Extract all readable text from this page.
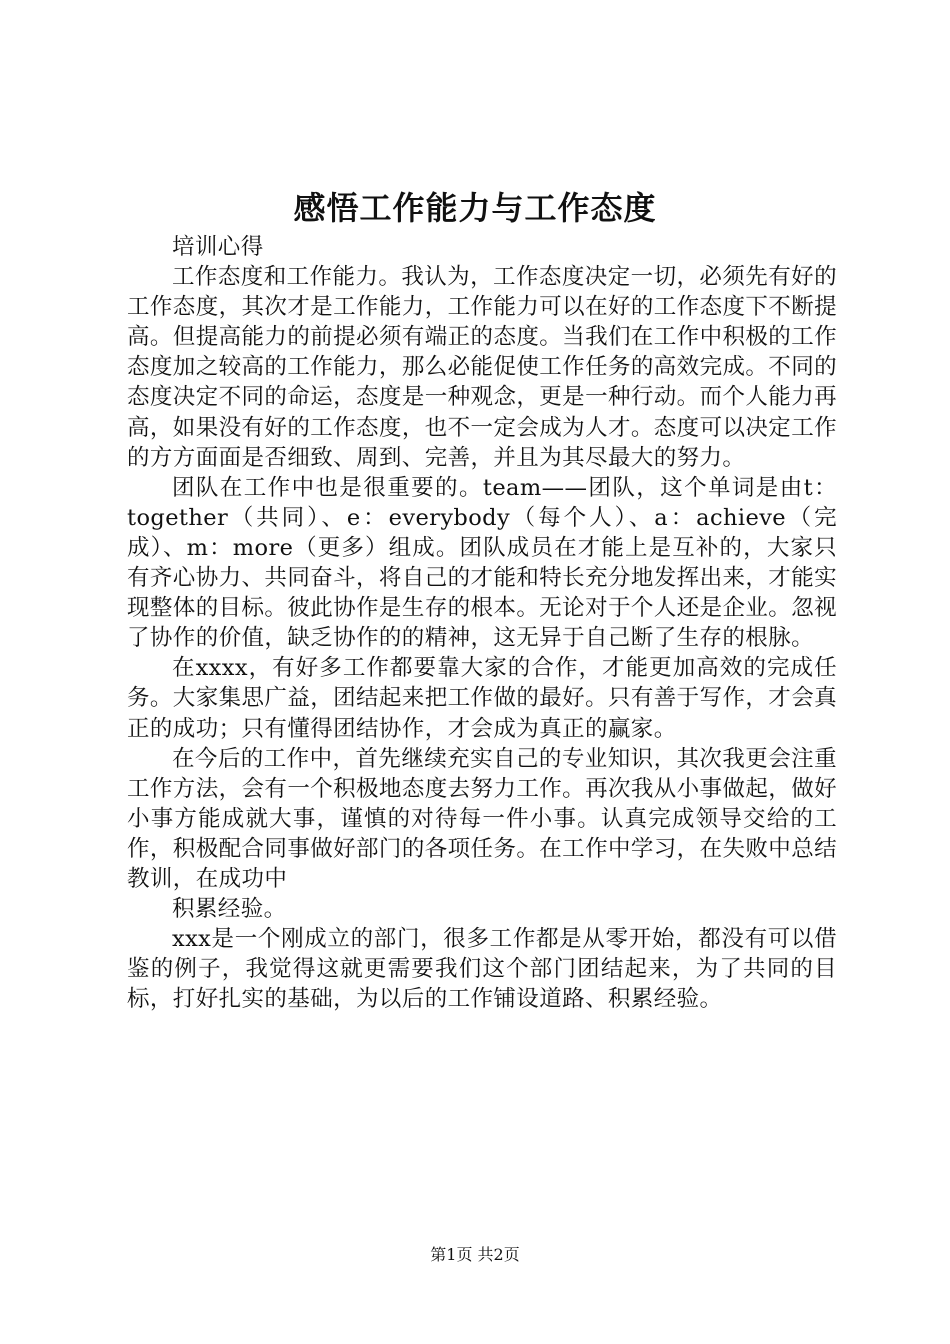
感悟工作能力与工作态度

培训心得

工作态度和工作能力。我认为，工作态度决定一切，必须先有好的工作态度，其次才是工作能力，工作能力可以在好的工作态度下不断提高。但提高能力的前提必须有端正的态度。当我们在工作中积极的工作态度加之较高的工作能力，那么必能促使工作任务的高效完成。不同的态度决定不同的命运，态度是一种观念，更是一种行动。而个人能力再高，如果没有好的工作态度，也不一定会成为人才。态度可以决定工作的方方面面是否细致、周到、完善，并且为其尽最大的努力。

团队在工作中也是很重要的。team——团队，这个单词是由t：together（共同）、e：everybody（每个人）、a：achieve（完成）、m：more（更多）组成。团队成员在才能上是互补的，大家只有齐心协力、共同奋斗，将自己的才能和特长充分地发挥出来，才能实现整体的目标。彼此协作是生存的根本。无论对于个人还是企业。忽视了协作的价值，缺乏协作的的精神，这无异于自己断了生存的根脉。

在xxxx，有好多工作都要靠大家的合作，才能更加高效的完成任务。大家集思广益，团结起来把工作做的最好。只有善于写作，才会真正的成功；只有懂得团结协作，才会成为真正的赢家。

在今后的工作中，首先继续充实自己的专业知识，其次我更会注重工作方法，会有一个积极地态度去努力工作。再次我从小事做起，做好小事方能成就大事，谨慎的对待每一件小事。认真完成领导交给的工作，积极配合同事做好部门的各项任务。在工作中学习，在失败中总结教训，在成功中

积累经验。

xxx是一个刚成立的部门，很多工作都是从零开始，都没有可以借鉴的例子，我觉得这就更需要我们这个部门团结起来，为了共同的目标，打好扎实的基础，为以后的工作铺设道路、积累经验。

第1页 共2页
